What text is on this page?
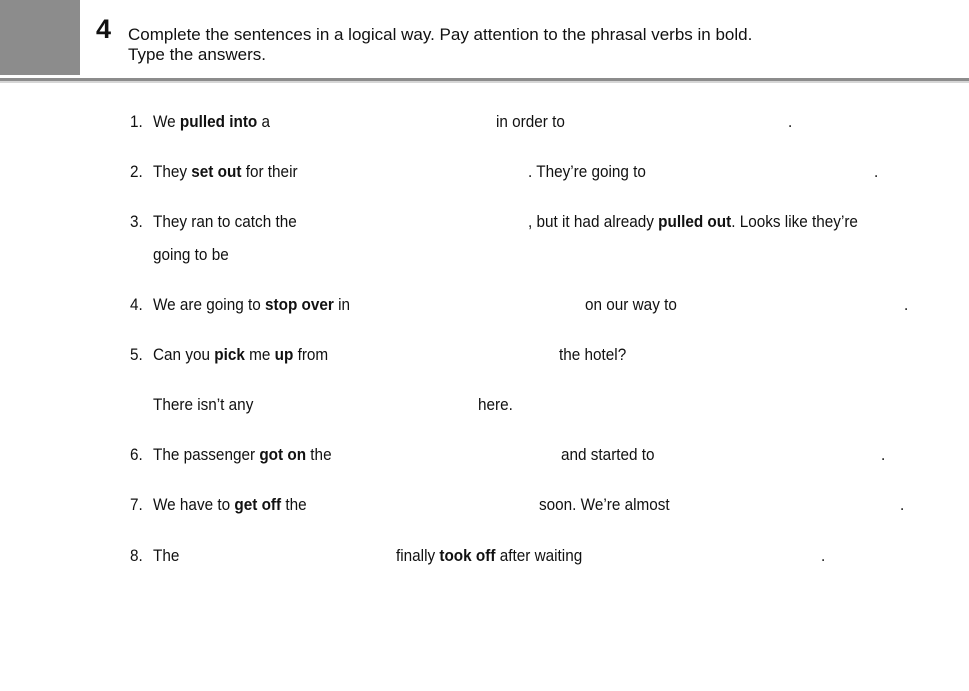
4 Complete the sentences in a logical way. Pay attention to the phrasal verbs in bold.
Type the answers.
1. We pulled into a	in order to	.
2. They set out for their	. They’re going to	.
3. They ran to catch the	, but it had already pulled out. Looks like they’re
going to be
4. We are going to stop over in	on our way to	.
5. Can you pick me up from	the hotel?
There isn’t any	here.
6. The passenger got on the	and started to	.
7. We have to get off the	soon. We’re almost	.
8. The	finally took off after waiting	.
